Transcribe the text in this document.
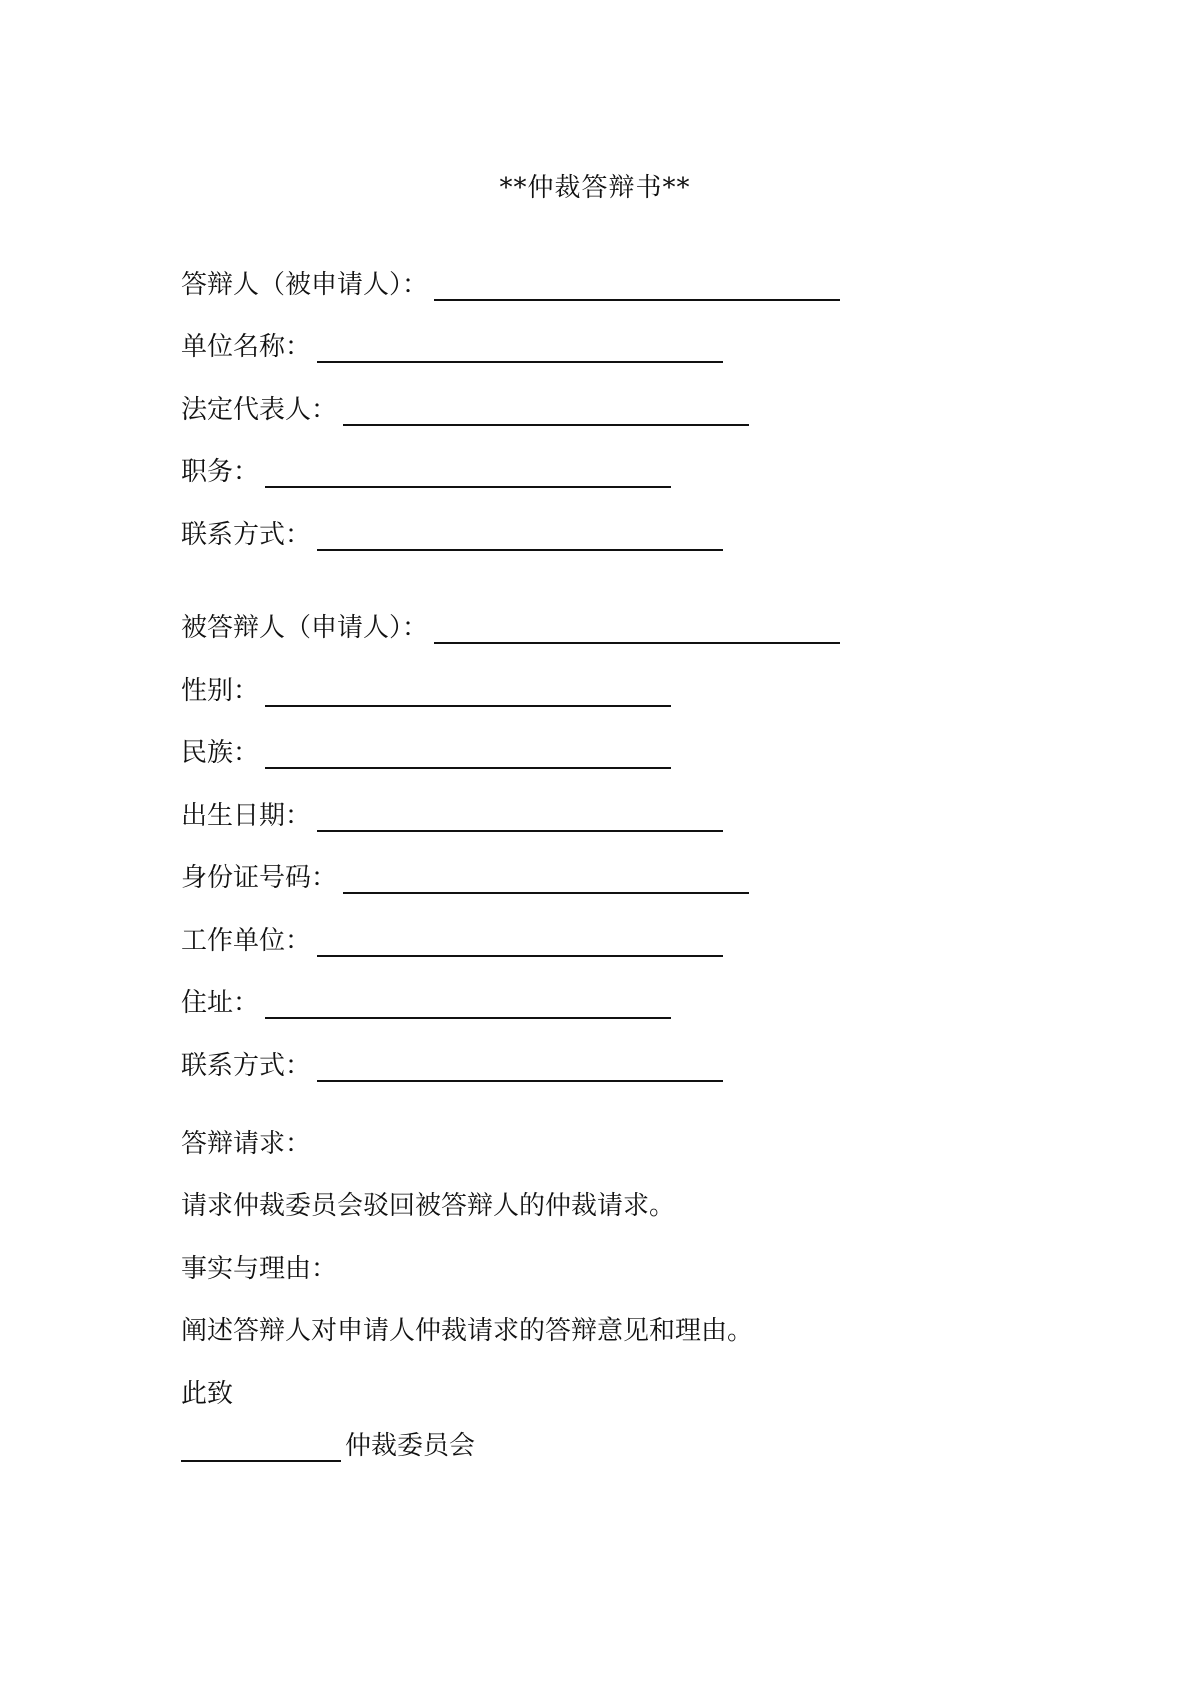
**仲裁答辩书**
答辩人（被申请人）：
单位名称：
法定代表人：
职务：
联系方式：
被答辩人（申请人）：
性别：
民族：
出生日期：
身份证号码：
工作单位：
住址：
联系方式：
答辩请求：
请求仲裁委员会驳回被答辩人的仲裁请求。
事实与理由：
阐述答辩人对申请人仲裁请求的答辩意见和理由。
此致
仲裁委员会
